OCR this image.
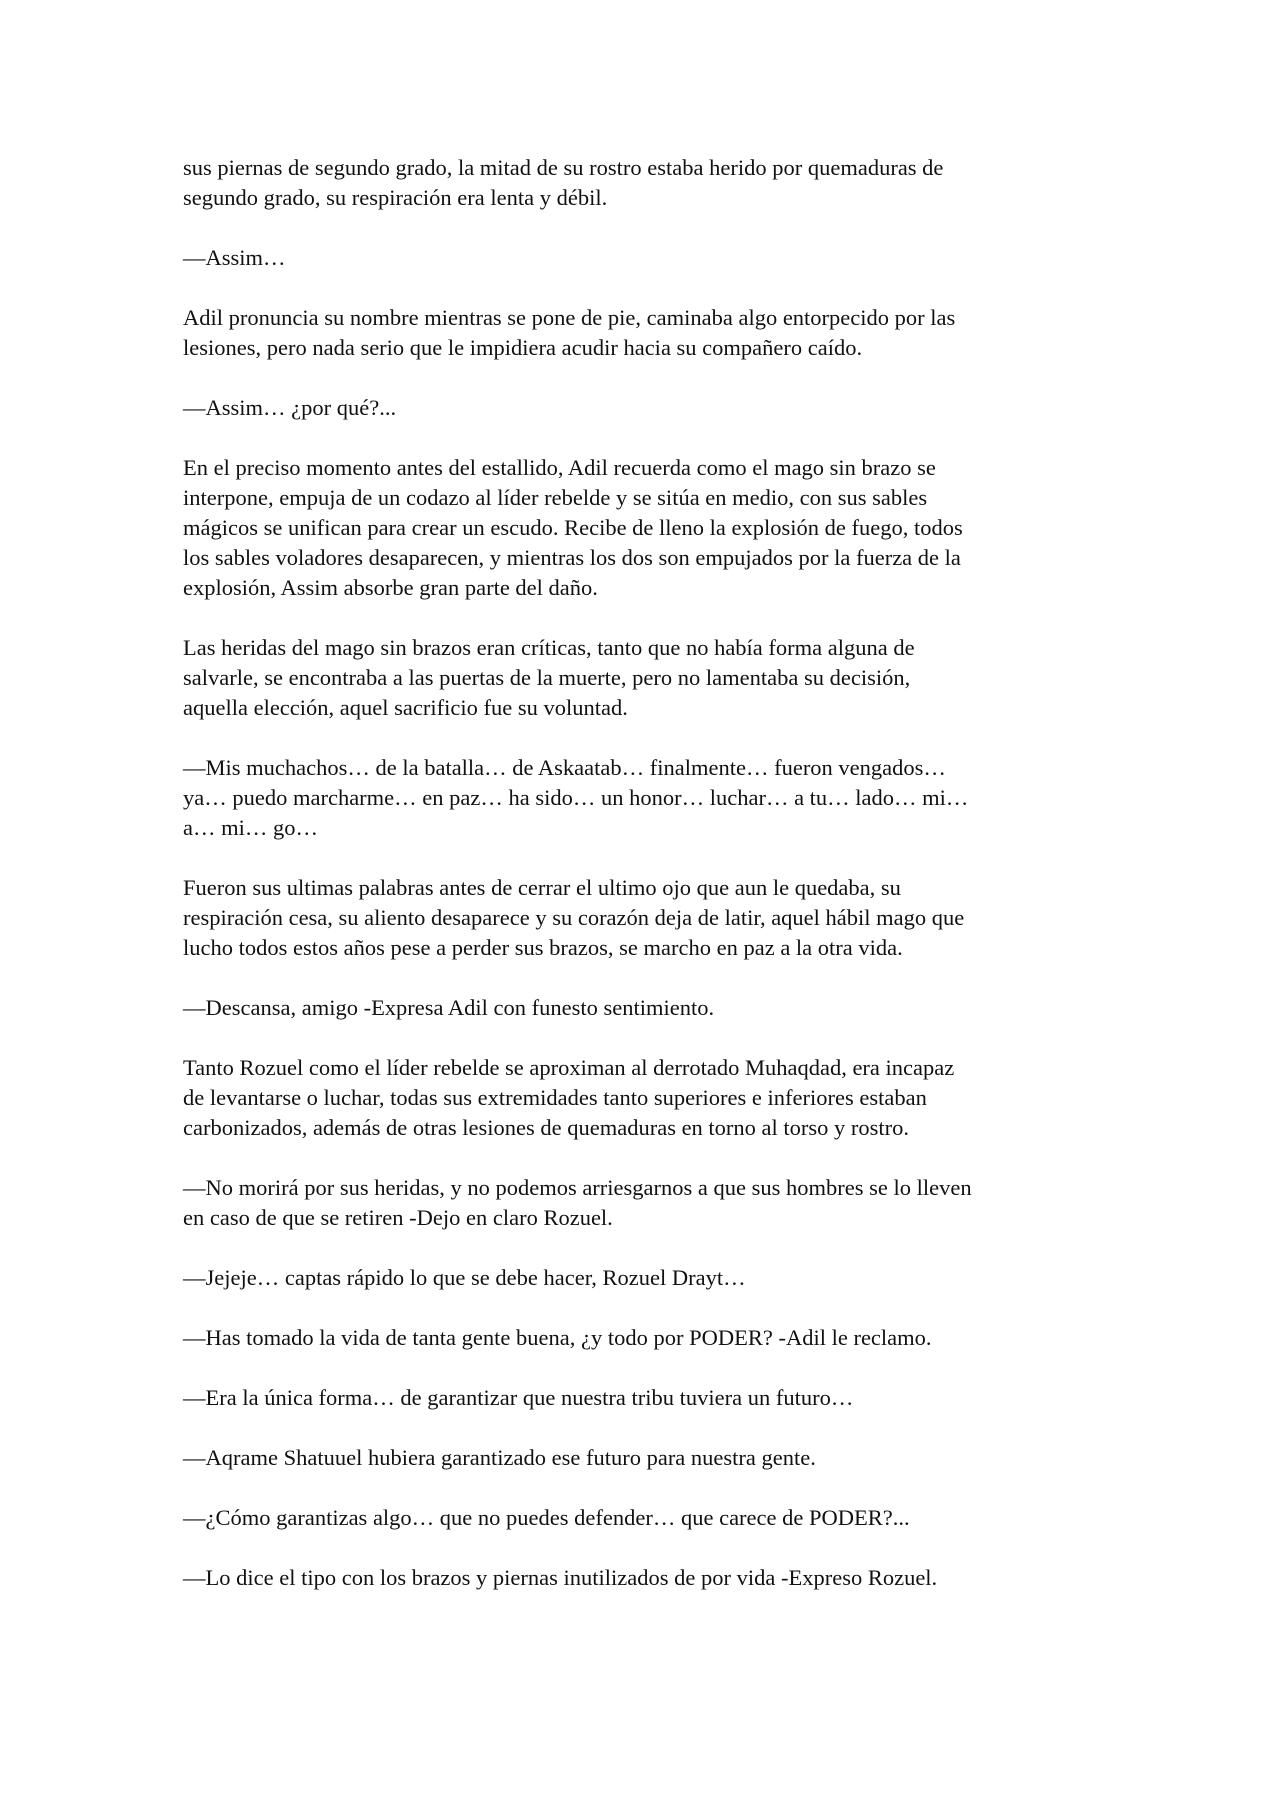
sus piernas de segundo grado, la mitad de su rostro estaba herido por quemaduras de
segundo grado, su respiración era lenta y débil.

—Assim…

Adil pronuncia su nombre mientras se pone de pie, caminaba algo entorpecido por las
lesiones, pero nada serio que le impidiera acudir hacia su compañero caído.

—Assim… ¿por qué?...

En el preciso momento antes del estallido, Adil recuerda como el mago sin brazo se
interpone, empuja de un codazo al líder rebelde y se sitúa en medio, con sus sables
mágicos se unifican para crear un escudo. Recibe de lleno la explosión de fuego, todos
los sables voladores desaparecen, y mientras los dos son empujados por la fuerza de la
explosión, Assim absorbe gran parte del daño.

Las heridas del mago sin brazos eran críticas, tanto que no había forma alguna de
salvarle, se encontraba a las puertas de la muerte, pero no lamentaba su decisión,
aquella elección, aquel sacrificio fue su voluntad.

—Mis muchachos… de la batalla… de Askaatab… finalmente… fueron vengados…
ya… puedo marcharme… en paz… ha sido… un honor… luchar… a tu… lado… mi…
a… mi… go…

Fueron sus ultimas palabras antes de cerrar el ultimo ojo que aun le quedaba, su
respiración cesa, su aliento desaparece y su corazón deja de latir, aquel hábil mago que
lucho todos estos años pese a perder sus brazos, se marcho en paz a la otra vida.

—Descansa, amigo -Expresa Adil con funesto sentimiento.

Tanto Rozuel como el líder rebelde se aproximan al derrotado Muhaqdad, era incapaz
de levantarse o luchar, todas sus extremidades tanto superiores e inferiores estaban
carbonizados, además de otras lesiones de quemaduras en torno al torso y rostro.

—No morirá por sus heridas, y no podemos arriesgarnos a que sus hombres se lo lleven
en caso de que se retiren -Dejo en claro Rozuel.

—Jejeje… captas rápido lo que se debe hacer, Rozuel Drayt…

—Has tomado la vida de tanta gente buena, ¿y todo por PODER? -Adil le reclamo.

—Era la única forma… de garantizar que nuestra tribu tuviera un futuro…

—Aqrame Shatuuel hubiera garantizado ese futuro para nuestra gente.

—¿Cómo garantizas algo… que no puedes defender… que carece de PODER?...

—Lo dice el tipo con los brazos y piernas inutilizados de por vida -Expreso Rozuel.
